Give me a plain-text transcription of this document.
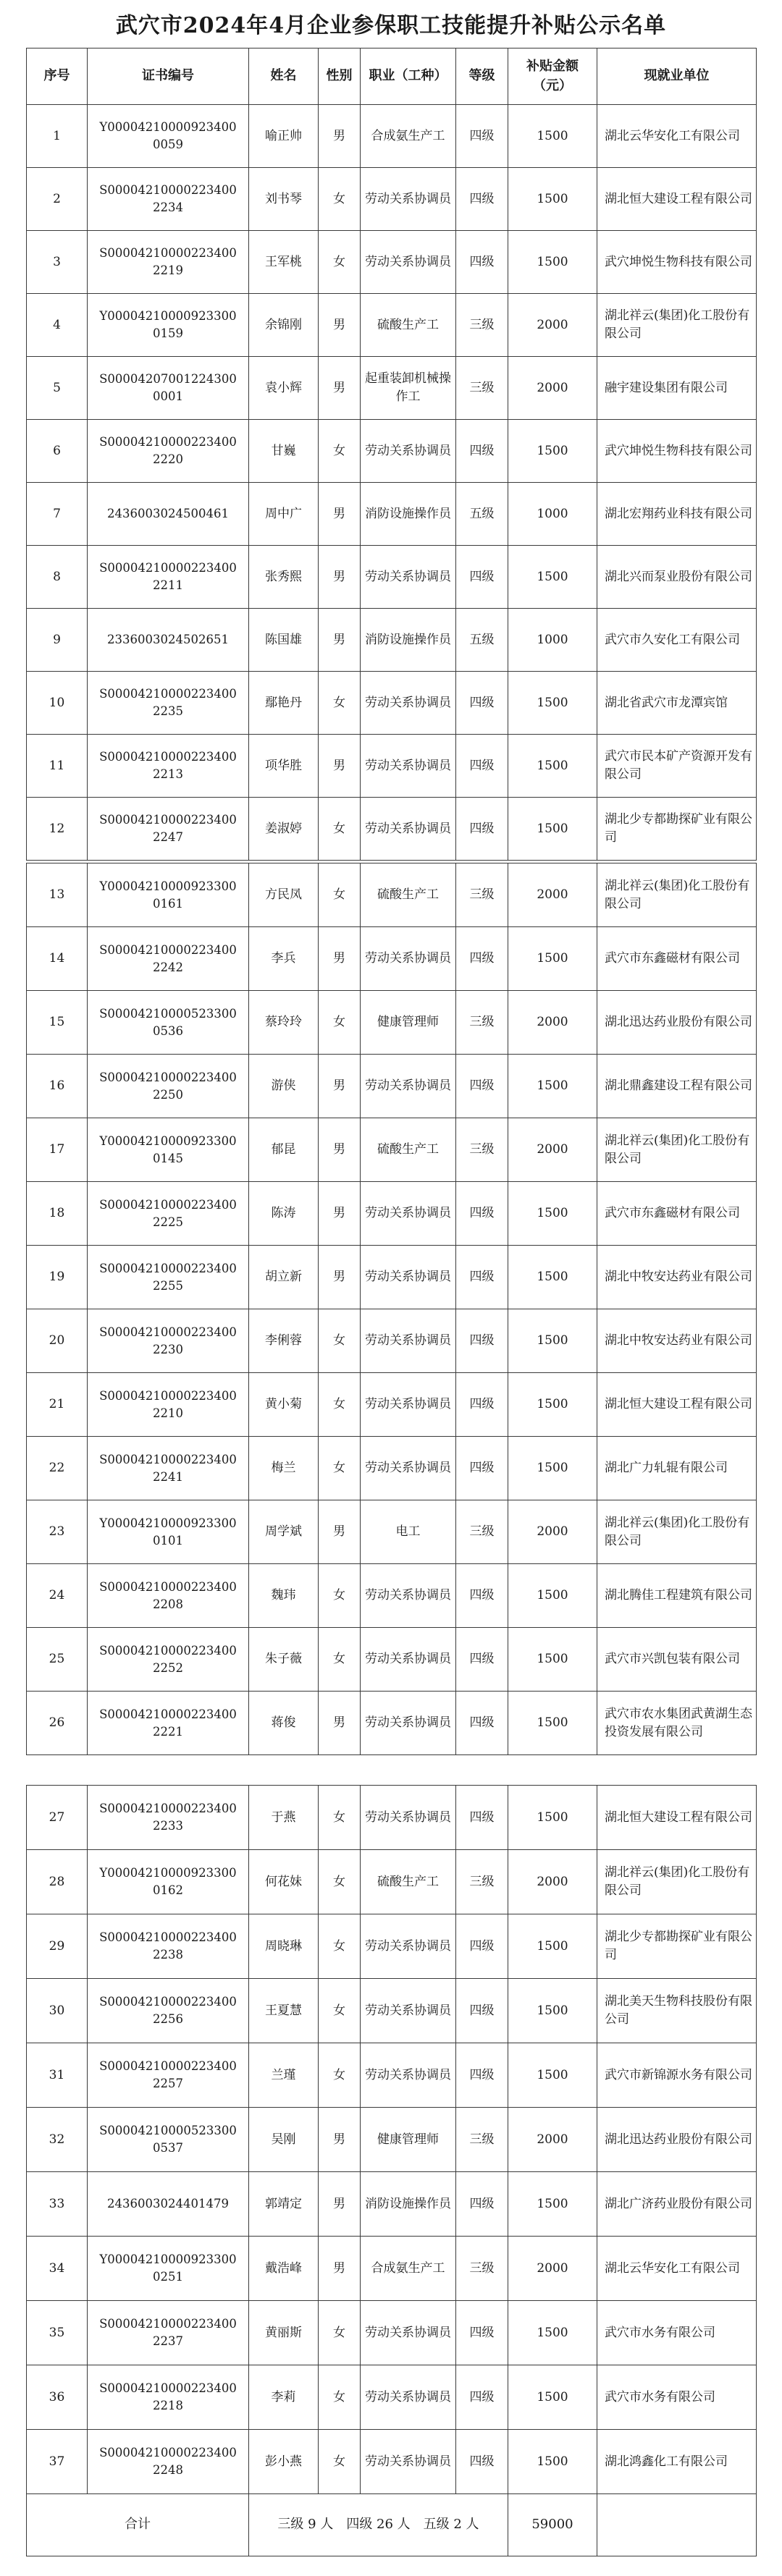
武穴市2024年4月企业参保职工技能提升补贴公示名单
序号	证书编号	姓名	性别	职业（工种）	等级	补贴金额（元）	现就业单位
1	Y00004210000923400 0059	喻正帅	男	合成氨生产工	四级	1500	湖北云华安化工有限公司
2	S00004210000223400 2234	刘书琴	女	劳动关系协调员	四级	1500	湖北恒大建设工程有限公司
3	S00004210000223400 2219	王军桃	女	劳动关系协调员	四级	1500	武穴坤悦生物科技有限公司
4	Y00004210000923300 0159	余锦刚	男	硫酸生产工	三级	2000	湖北祥云(集团)化工股份有限公司
5	S00004207001224300 0001	袁小辉	男	起重装卸机械操作工	三级	2000	融宇建设集团有限公司
6	S00004210000223400 2220	甘巍	女	劳动关系协调员	四级	1500	武穴坤悦生物科技有限公司
7	2436003024500461	周中广	男	消防设施操作员	五级	1000	湖北宏翔药业科技有限公司
8	S00004210000223400 2211	张秀熙	男	劳动关系协调员	四级	1500	湖北兴而泵业股份有限公司
9	2336003024502651	陈国雄	男	消防设施操作员	五级	1000	武穴市久安化工有限公司
10	S00004210000223400 2235	鄢艳丹	女	劳动关系协调员	四级	1500	湖北省武穴市龙潭宾馆
11	S00004210000223400 2213	项华胜	男	劳动关系协调员	四级	1500	武穴市民本矿产资源开发有限公司
12	S00004210000223400 2247	姜淑婷	女	劳动关系协调员	四级	1500	湖北少专都勘探矿业有限公司
13	Y00004210000923300 0161	方民凤	女	硫酸生产工	三级	2000	湖北祥云(集团)化工股份有限公司
14	S00004210000223400 2242	李兵	男	劳动关系协调员	四级	1500	武穴市东鑫磁材有限公司
15	S00004210000523300 0536	蔡玲玲	女	健康管理师	三级	2000	湖北迅达药业股份有限公司
16	S00004210000223400 2250	游侠	男	劳动关系协调员	四级	1500	湖北鼎鑫建设工程有限公司
17	Y00004210000923300 0145	郁昆	男	硫酸生产工	三级	2000	湖北祥云(集团)化工股份有限公司
18	S00004210000223400 2225	陈涛	男	劳动关系协调员	四级	1500	武穴市东鑫磁材有限公司
19	S00004210000223400 2255	胡立新	男	劳动关系协调员	四级	1500	湖北中牧安达药业有限公司
20	S00004210000223400 2230	李俐蓉	女	劳动关系协调员	四级	1500	湖北中牧安达药业有限公司
21	S00004210000223400 2210	黄小菊	女	劳动关系协调员	四级	1500	湖北恒大建设工程有限公司
22	S00004210000223400 2241	梅兰	女	劳动关系协调员	四级	1500	湖北广力轧辊有限公司
23	Y00004210000923300 0101	周学斌	男	电工	三级	2000	湖北祥云(集团)化工股份有限公司
24	S00004210000223400 2208	魏玮	女	劳动关系协调员	四级	1500	湖北腾佳工程建筑有限公司
25	S00004210000223400 2252	朱子薇	女	劳动关系协调员	四级	1500	武穴市兴凯包装有限公司
26	S00004210000223400 2221	蒋俊	男	劳动关系协调员	四级	1500	武穴市农水集团武黄湖生态投资发展有限公司
27	S00004210000223400 2233	于燕	女	劳动关系协调员	四级	1500	湖北恒大建设工程有限公司
28	Y00004210000923300 0162	何花妹	女	硫酸生产工	三级	2000	湖北祥云(集团)化工股份有限公司
29	S00004210000223400 2238	周晓琳	女	劳动关系协调员	四级	1500	湖北少专都勘探矿业有限公司
30	S00004210000223400 2256	王夏慧	女	劳动关系协调员	四级	1500	湖北美天生物科技股份有限公司
31	S00004210000223400 2257	兰瑾	女	劳动关系协调员	四级	1500	武穴市新锦源水务有限公司
32	S00004210000523300 0537	吴刚	男	健康管理师	三级	2000	湖北迅达药业股份有限公司
33	2436003024401479	郭靖定	男	消防设施操作员	四级	1500	湖北广济药业股份有限公司
34	Y00004210000923300 0251	戴浩峰	男	合成氨生产工	三级	2000	湖北云华安化工有限公司
35	S00004210000223400 2237	黄丽斯	女	劳动关系协调员	四级	1500	武穴市水务有限公司
36	S00004210000223400 2218	李莉	女	劳动关系协调员	四级	1500	武穴市水务有限公司
37	S00004210000223400 2248	彭小燕	女	劳动关系协调员	四级	1500	湖北鸿鑫化工有限公司
合计		三级 9 人　四级 26 人　五级 2 人				59000	
